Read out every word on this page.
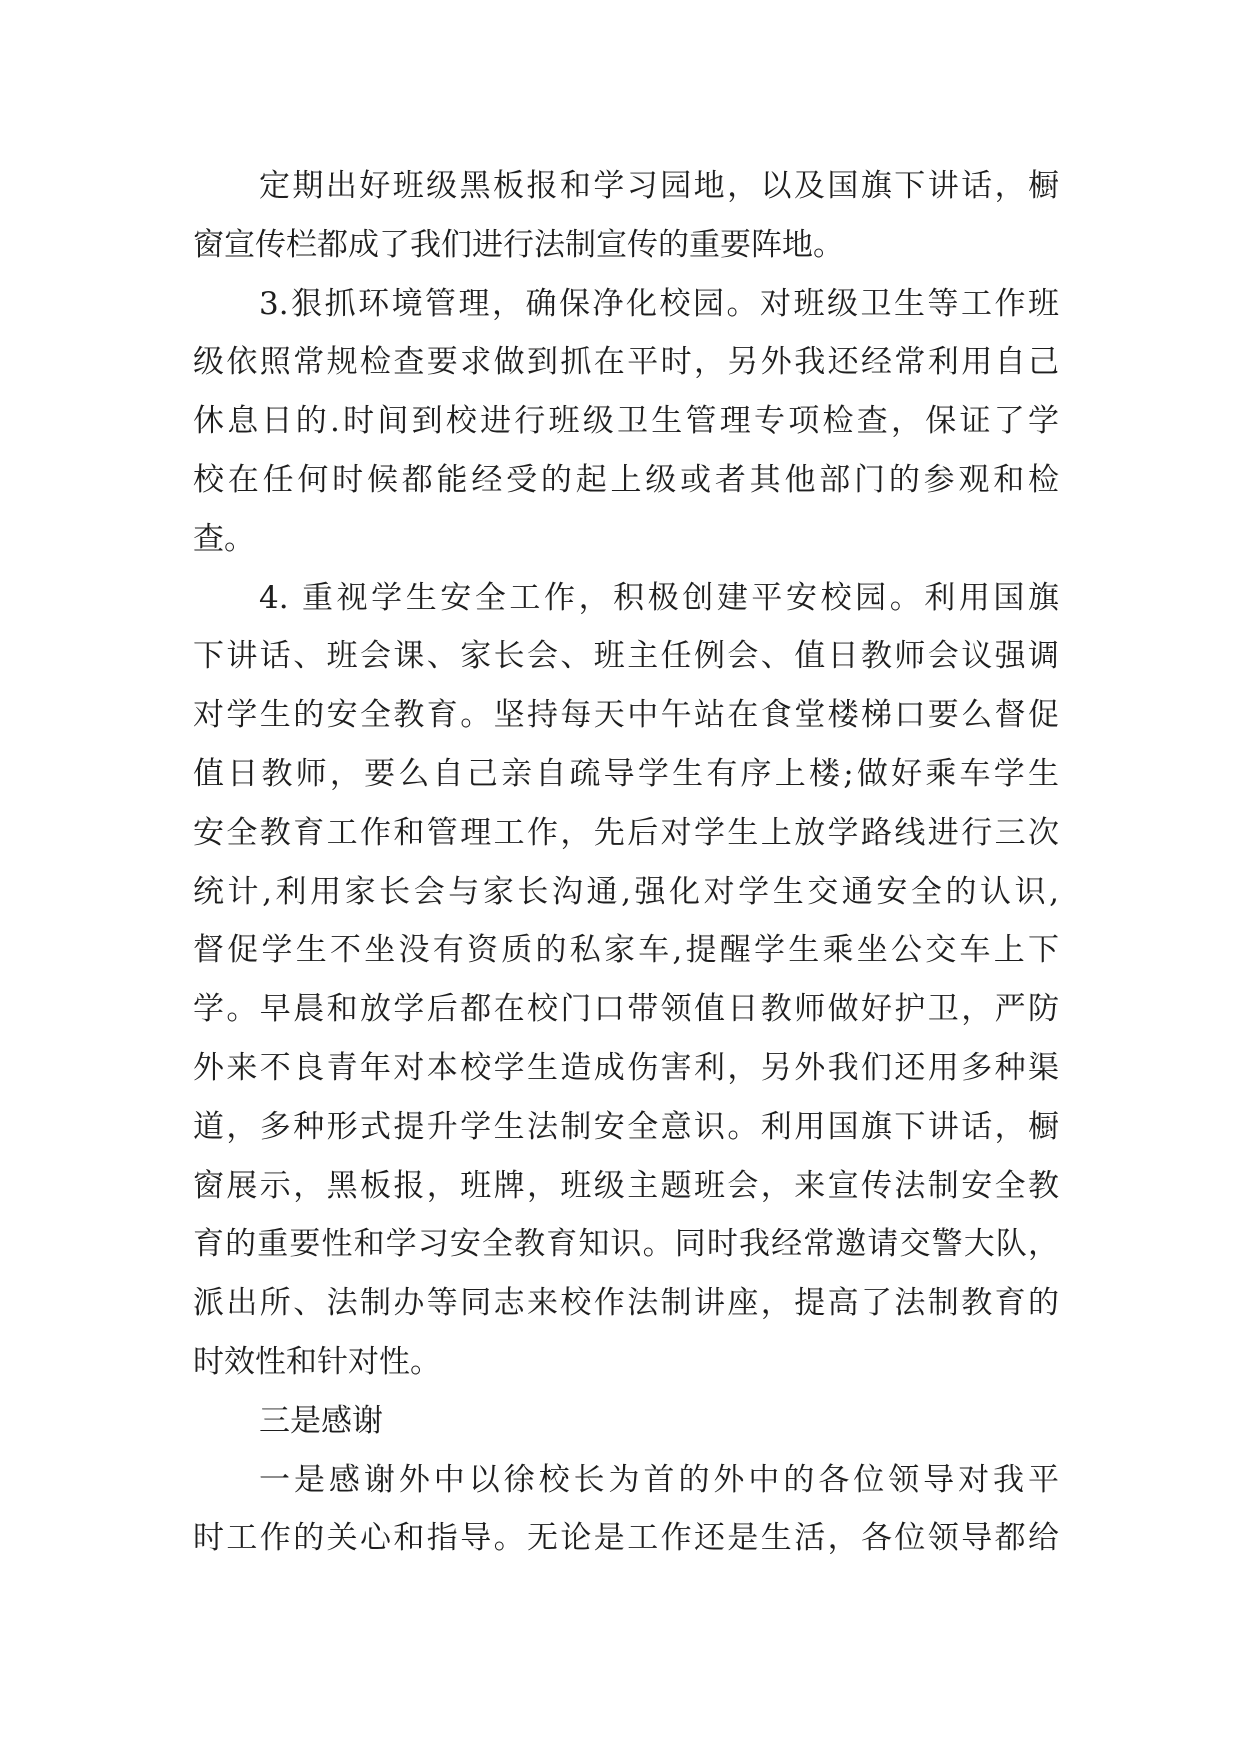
定期出好班级黑板报和学习园地，以及国旗下讲话，橱
窗宣传栏都成了我们进行法制宣传的重要阵地。
3.狠抓环境管理，确保净化校园。对班级卫生等工作班
级依照常规检查要求做到抓在平时，另外我还经常利用自己
休息日的.时间到校进行班级卫生管理专项检查，保证了学
校在任何时候都能经受的起上级或者其他部门的参观和检
查。
4. 重视学生安全工作，积极创建平安校园。利用国旗
下讲话、班会课、家长会、班主任例会、值日教师会议强调
对学生的安全教育。坚持每天中午站在食堂楼梯口要么督促
值日教师，要么自己亲自疏导学生有序上楼;做好乘车学生
安全教育工作和管理工作，先后对学生上放学路线进行三次
统计,利用家长会与家长沟通,强化对学生交通安全的认识,
督促学生不坐没有资质的私家车,提醒学生乘坐公交车上下
学。早晨和放学后都在校门口带领值日教师做好护卫，严防
外来不良青年对本校学生造成伤害利，另外我们还用多种渠
道，多种形式提升学生法制安全意识。利用国旗下讲话，橱
窗展示，黑板报，班牌，班级主题班会，来宣传法制安全教
育的重要性和学习安全教育知识。同时我经常邀请交警大队，
派出所、法制办等同志来校作法制讲座，提高了法制教育的
时效性和针对性。
三是感谢
一是感谢外中以徐校长为首的外中的各位领导对我平
时工作的关心和指导。无论是工作还是生活，各位领导都给
